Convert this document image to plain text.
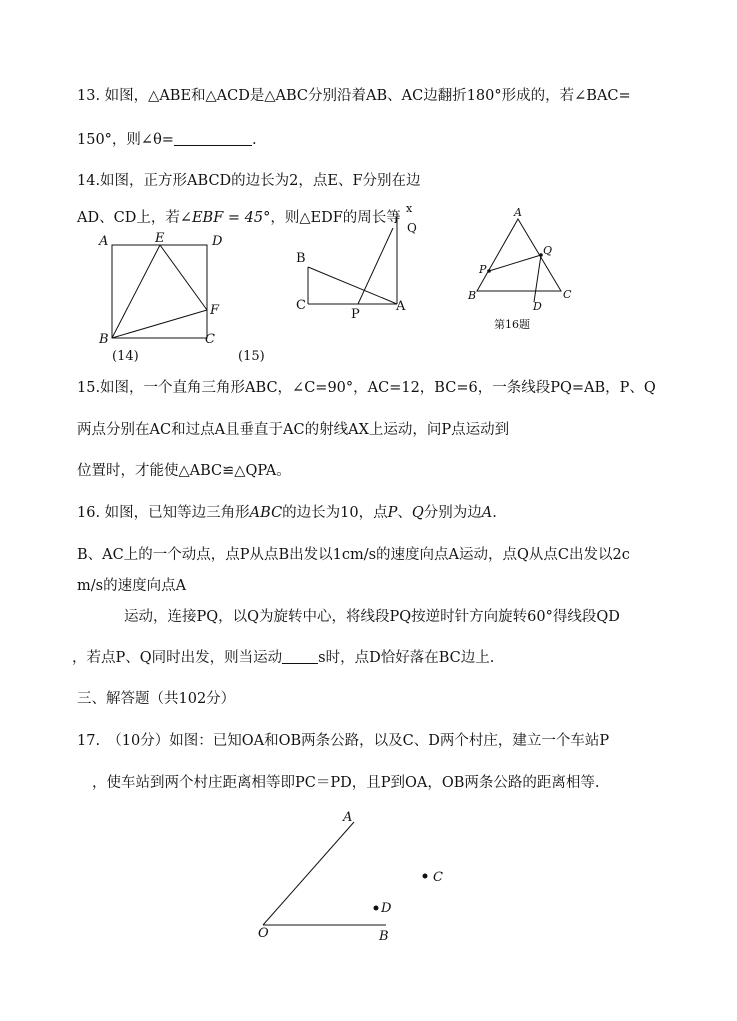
13. 如图，△ABE和△ACD是△ABC分别沿着AB、AC边翻折180°形成的，若∠BAC=
150°，则∠θ=	.
14.如图，正方形ABCD的边长为2，点E、F分别在边
AD、CD上，若∠EBF = 45°，则△EDF的周长等
A	E	D
F
B	C
(14)
B
C
P
A
x
Q
(15)
A
Q
P
B
D
C
第16题
15.如图，一个直角三角形ABC，∠C=90°，AC=12，BC=6，一条线段PQ=AB，P、Q
两点分别在AC和过点A且垂直于AC的射线AX上运动，问P点运动到
位置时，才能使△ABC≌△QPA。
16. 如图，已知等边三角形ABC的边长为10，点P、Q分别为边A.
B、AC上的一个动点，点P从点B出发以1cm/s的速度向点A运动，点Q从点C出发以2c
m/s的速度向点A
运动，连接PQ，以Q为旋转中心，将线段PQ按逆时针方向旋转60°得线段QD
，若点P、Q同时出发，则当运动 s时，点D恰好落在BC边上.
三、解答题（共102分）
17.　（10分）如图：已知OA和OB两条公路，以及C、D两个村庄，建立一个车站P
，使车站到两个村庄距离相等即PC＝PD，且P到OA，OB两条公路的距离相等.
A
O	B
C
D
